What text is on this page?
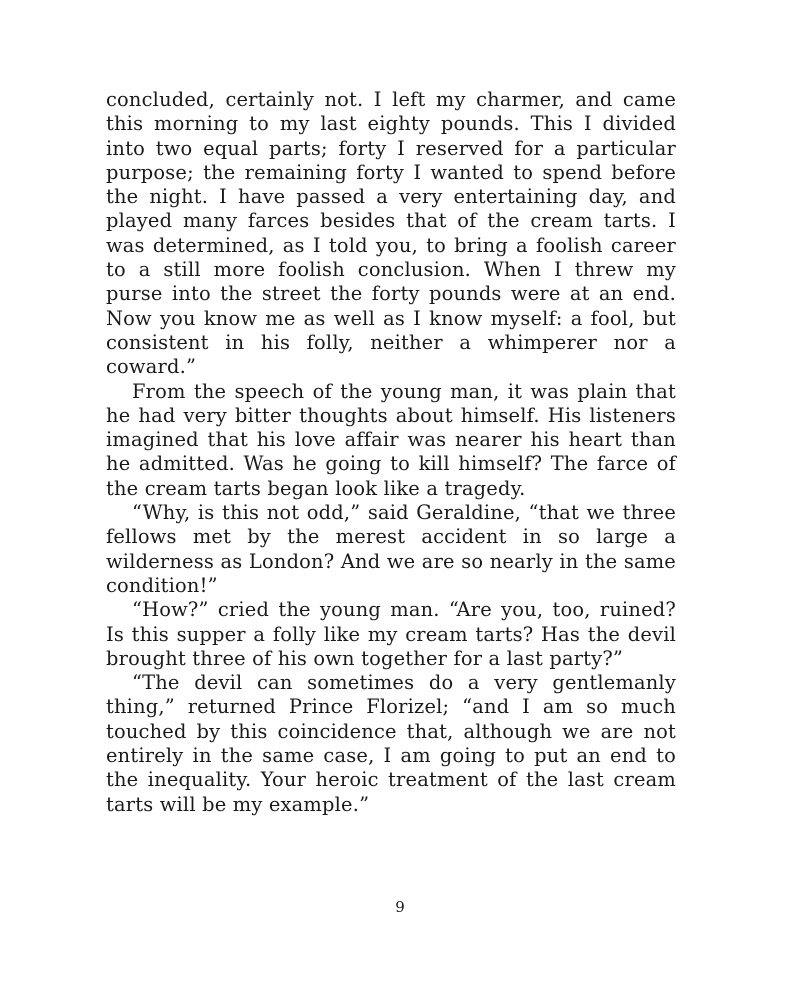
concluded, certainly not. I left my charmer, and came this morning to my last eighty pounds. This I divided into two equal parts; forty I reserved for a particular purpose; the remaining forty I wanted to spend before the night. I have passed a very entertaining day, and played many farces besides that of the cream tarts. I was determined, as I told you, to bring a foolish career to a still more foolish conclusion. When I threw my purse into the street the forty pounds were at an end. Now you know me as well as I know myself: a fool, but consistent in his folly, neither a whimperer nor a coward.”

From the speech of the young man, it was plain that he had very bitter thoughts about himself. His listeners imagined that his love affair was nearer his heart than he admitted. Was he going to kill himself? The farce of the cream tarts began look like a tragedy.

“Why, is this not odd,” said Geraldine, “that we three fellows met by the merest accident in so large a wilderness as London? And we are so nearly in the same condition!”

“How?” cried the young man. “Are you, too, ruined? Is this supper a folly like my cream tarts? Has the devil brought three of his own together for a last party?”

“The devil can sometimes do a very gentlemanly thing,” returned Prince Florizel; “and I am so much touched by this coincidence that, although we are not entirely in the same case, I am going to put an end to the inequality. Your heroic treatment of the last cream tarts will be my example.”

9
